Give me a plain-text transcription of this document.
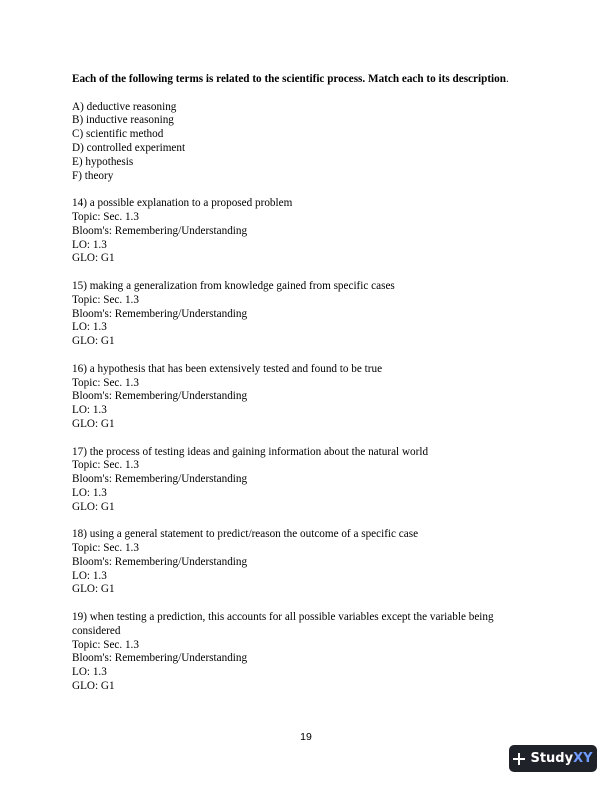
Each of the following terms is related to the scientific process. Match each to its description.

A) deductive reasoning
B) inductive reasoning
C) scientific method
D) controlled experiment
E) hypothesis
F) theory
14) a possible explanation to a proposed problem
Topic: Sec. 1.3
Bloom's: Remembering/Understanding
LO: 1.3
GLO: G1
15) making a generalization from knowledge gained from specific cases
Topic: Sec. 1.3
Bloom's: Remembering/Understanding
LO: 1.3
GLO: G1
16) a hypothesis that has been extensively tested and found to be true
Topic: Sec. 1.3
Bloom's: Remembering/Understanding
LO: 1.3
GLO: G1
17) the process of testing ideas and gaining information about the natural world
Topic: Sec. 1.3
Bloom's: Remembering/Understanding
LO: 1.3
GLO: G1
18) using a general statement to predict/reason the outcome of a specific case
Topic: Sec. 1.3
Bloom's: Remembering/Understanding
LO: 1.3
GLO: G1
19) when testing a prediction, this accounts for all possible variables except the variable being considered
Topic: Sec. 1.3
Bloom's: Remembering/Understanding
LO: 1.3
GLO: G1
19
StudyXY
